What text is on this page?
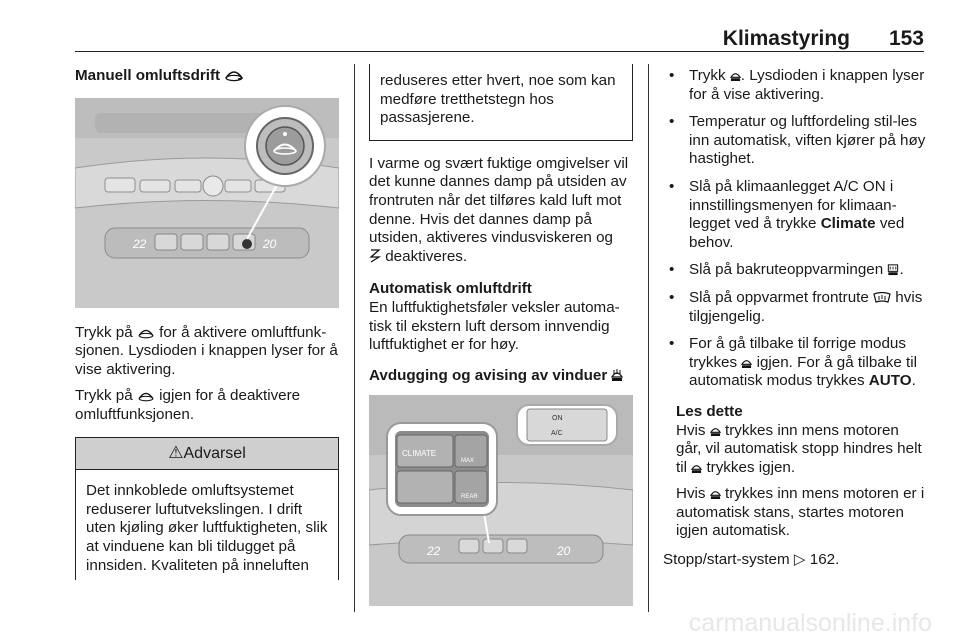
Klimastyring 153
Manuell omluftsdrift
22	20

Trykk på for å aktivere omluftfunk-sjonen. Lysdioden i knappen lyser for å vise aktivering.

Trykk på igjen for å deaktivere omluftfunksjonen.

⚠Advarsel
Det innkoblede omluftsystemet reduserer luftutvekslingen. I drift uten kjøling øker luftfuktigheten, slik at vinduene kan bli tildugget på innsiden. Kvaliteten på inneluften
reduseres etter hvert, noe som kan medføre tretthetstegn hos passasjerene.

I varme og svært fuktige omgivelser vil det kunne dannes damp på utsiden av frontruten når det tilføres kald luft mot denne. Hvis det dannes damp på utsiden, aktiveres vindusviskeren og
deaktiveres.

Automatisk omluftdrift

En luftfuktighetsføler veksler automa-tisk til ekstern luft dersom innvendig luftfuktighet er for høy.

Avdugging og avising av vinduer
22	20
CLIMATE
MAX
REAR
ON
A/C
• Trykk . Lysdioden i knappen lyser for å vise aktivering.
• Temperatur og luftfordeling stil-les inn automatisk, viften kjører på høy hastighet.
• Slå på klimaanlegget A/C ON i innstillingsmenyen for klimaan-legget ved å trykke Climate ved behov.
• Slå på bakruteoppvarmingen .
• Slå på oppvarmet frontrute hvis tilgjengelig.
• For å gå tilbake til forrige modus trykkes igjen. For å gå tilbake til automatisk modus trykkes AUTO.
Les dette

Hvis trykkes inn mens motoren går, vil automatisk stopp hindres helt til trykkes igjen.

Hvis trykkes inn mens motoren er i automatisk stans, startes motoren igjen automatisk.

Stopp/start-system ▷ 162.

carmanualsonline.info
